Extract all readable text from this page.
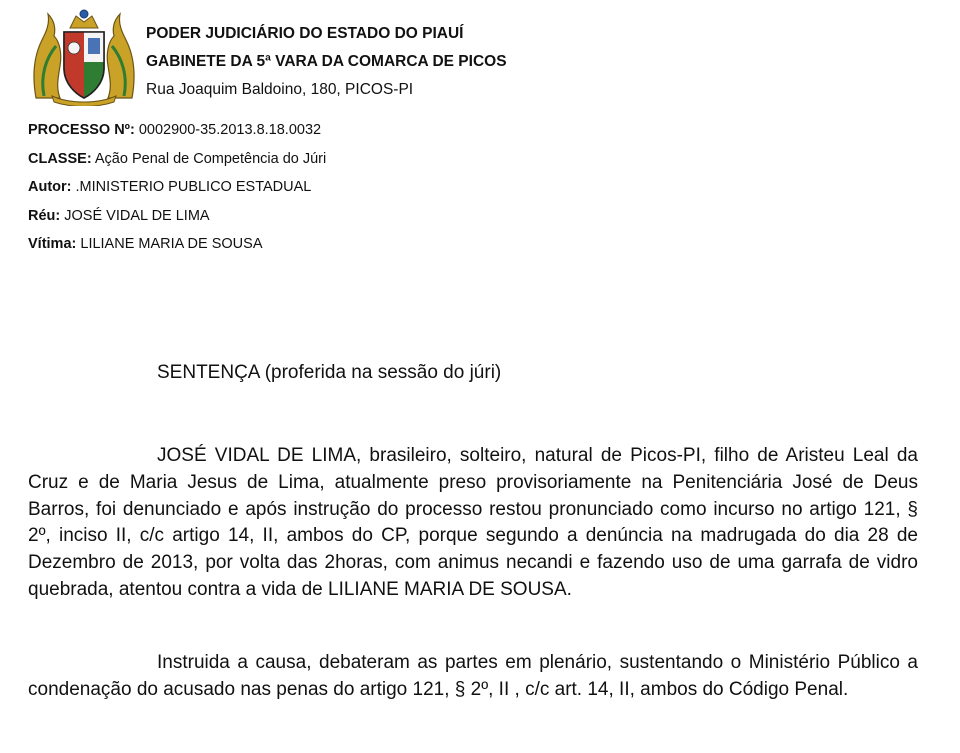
PODER JUDICIÁRIO DO ESTADO DO PIAUÍ
GABINETE DA 5ª VARA DA COMARCA DE PICOS
Rua Joaquim Baldoino, 180, PICOS-PI
PROCESSO Nº: 0002900-35.2013.8.18.0032
CLASSE: Ação Penal de Competência do Júri
Autor: .MINISTERIO PUBLICO ESTADUAL
Réu: JOSÉ VIDAL DE LIMA
Vítima: LILIANE MARIA DE SOUSA
SENTENÇA (proferida na sessão do júri)

JOSÉ VIDAL DE LIMA, brasileiro, solteiro, natural de Picos-PI, filho de Aristeu Leal da Cruz e de Maria Jesus de Lima, atualmente preso provisoriamente na Penitenciária José de Deus Barros, foi denunciado e após instrução do processo restou pronunciado como incurso no artigo 121, § 2º, inciso II, c/c artigo 14, II, ambos do CP, porque segundo a denúncia na madrugada do dia 28 de Dezembro de 2013, por volta das 2horas, com animus necandi e fazendo uso de uma garrafa de vidro quebrada, atentou contra a vida de LILIANE MARIA DE SOUSA.

Instruida a causa, debateram as partes em plenário, sustentando o Ministério Público a condenação do acusado nas penas do artigo 121, § 2º, II , c/c art. 14, II, ambos do Código Penal.
